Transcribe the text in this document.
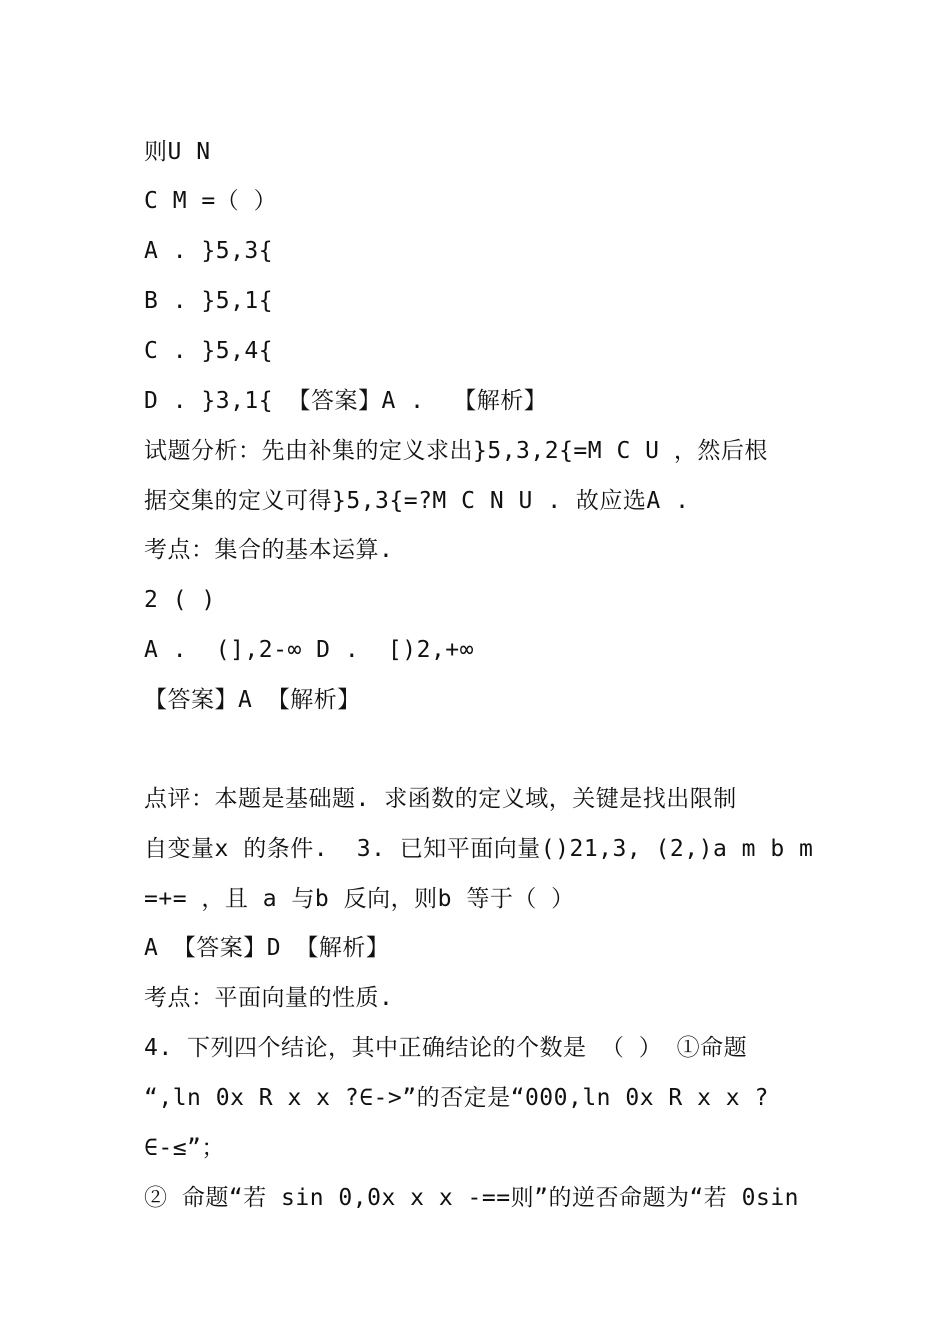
则U N
C M =（ ）
A . }5,3{
B . }5,1{
C . }5,4{
D . }3,1{ 【答案】A .  【解析】
试题分析：先由补集的定义求出}5,3,2{=M C U ，然后根
据交集的定义可得}5,3{=?M C N U . 故应选A .
考点：集合的基本运算.
2 ( )
A .  (],2-∞ D .  [)2,+∞
【答案】A 【解析】
点评：本题是基础题. 求函数的定义域，关键是找出限制
自变量x 的条件.  3. 已知平面向量()21,3, (2,)a m b m
=+= ，且 a 与b 反向，则b 等于（ ）
A 【答案】D 【解析】
考点：平面向量的性质.
4. 下列四个结论，其中正确结论的个数是 （ ） ①命题
“,ln 0x R x x ?∈->”的否定是“000,ln 0x R x x ?
∈-≤”；
② 命题“若 sin 0,0x x x -==则”的逆否命题为“若 0sin
